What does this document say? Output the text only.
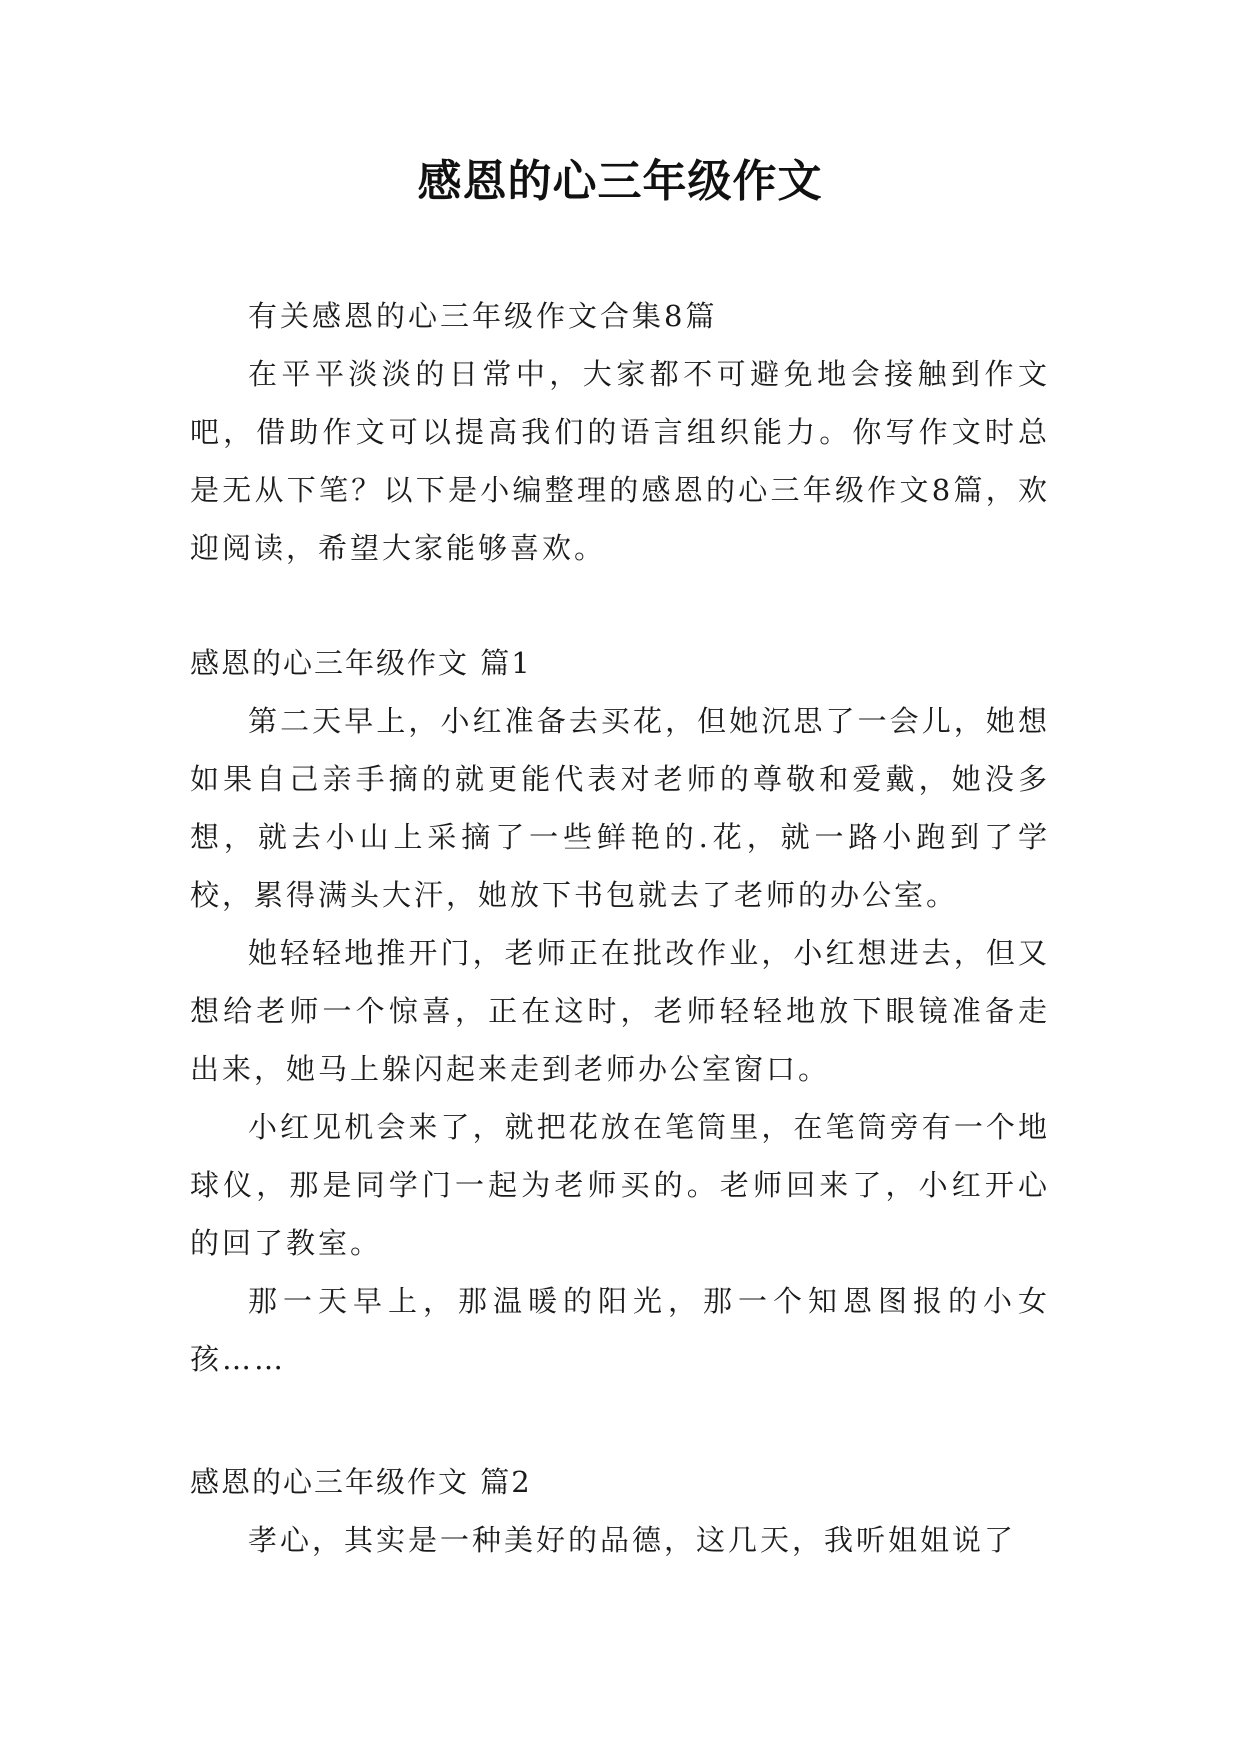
感恩的心三年级作文

有关感恩的心三年级作文合集8篇

在平平淡淡的日常中，大家都不可避免地会接触到作文吧，借助作文可以提高我们的语言组织能力。你写作文时总是无从下笔？以下是小编整理的感恩的心三年级作文8篇，欢迎阅读，希望大家能够喜欢。

感恩的心三年级作文 篇1

第二天早上，小红准备去买花，但她沉思了一会儿，她想如果自己亲手摘的就更能代表对老师的尊敬和爱戴，她没多想，就去小山上采摘了一些鲜艳的.花，就一路小跑到了学校，累得满头大汗，她放下书包就去了老师的办公室。

她轻轻地推开门，老师正在批改作业，小红想进去，但又想给老师一个惊喜，正在这时，老师轻轻地放下眼镜准备走出来，她马上躲闪起来走到老师办公室窗口。

小红见机会来了，就把花放在笔筒里，在笔筒旁有一个地球仪，那是同学门一起为老师买的。老师回来了，小红开心的回了教室。

那一天早上，那温暖的阳光，那一个知恩图报的小女孩……

感恩的心三年级作文 篇2

孝心，其实是一种美好的品德，这几天，我听姐姐说了
